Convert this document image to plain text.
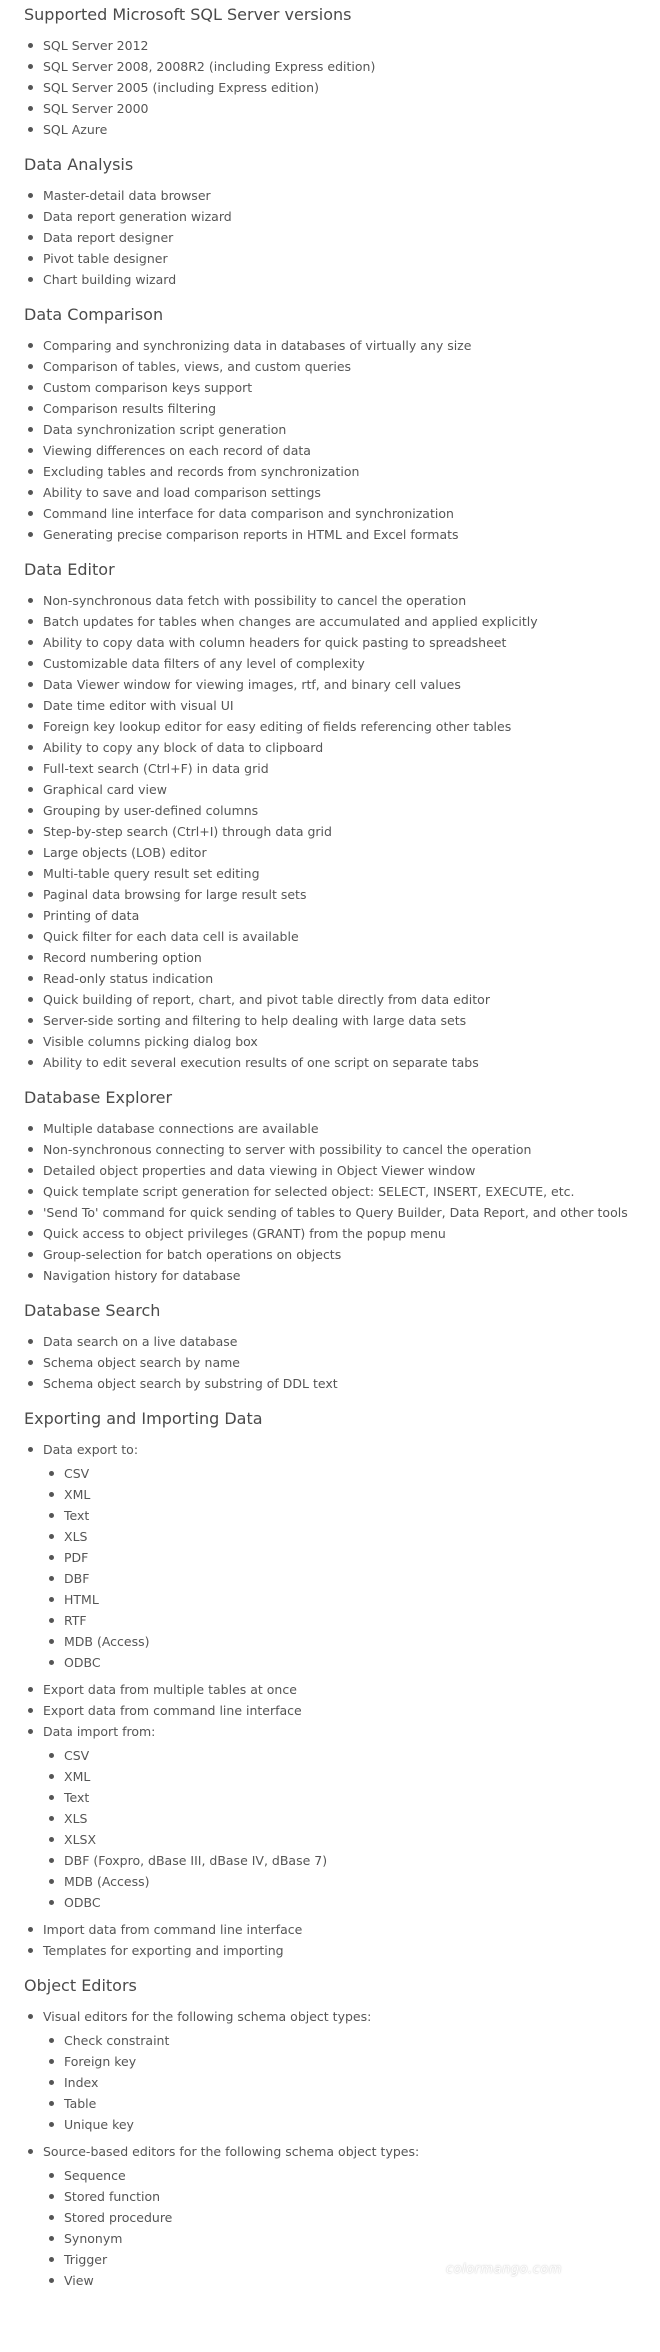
Supported Microsoft SQL Server versions
SQL Server 2012
SQL Server 2008, 2008R2 (including Express edition)
SQL Server 2005 (including Express edition)
SQL Server 2000
SQL Azure
Data Analysis
Master-detail data browser
Data report generation wizard
Data report designer
Pivot table designer
Chart building wizard
Data Comparison
Comparing and synchronizing data in databases of virtually any size
Comparison of tables, views, and custom queries
Custom comparison keys support
Comparison results filtering
Data synchronization script generation
Viewing differences on each record of data
Excluding tables and records from synchronization
Ability to save and load comparison settings
Command line interface for data comparison and synchronization
Generating precise comparison reports in HTML and Excel formats
Data Editor
Non-synchronous data fetch with possibility to cancel the operation
Batch updates for tables when changes are accumulated and applied explicitly
Ability to copy data with column headers for quick pasting to spreadsheet
Customizable data filters of any level of complexity
Data Viewer window for viewing images, rtf, and binary cell values
Date time editor with visual UI
Foreign key lookup editor for easy editing of fields referencing other tables
Ability to copy any block of data to clipboard
Full-text search (Ctrl+F) in data grid
Graphical card view
Grouping by user-defined columns
Step-by-step search (Ctrl+I) through data grid
Large objects (LOB) editor
Multi-table query result set editing
Paginal data browsing for large result sets
Printing of data
Quick filter for each data cell is available
Record numbering option
Read-only status indication
Quick building of report, chart, and pivot table directly from data editor
Server-side sorting and filtering to help dealing with large data sets
Visible columns picking dialog box
Ability to edit several execution results of one script on separate tabs
Database Explorer
Multiple database connections are available
Non-synchronous connecting to server with possibility to cancel the operation
Detailed object properties and data viewing in Object Viewer window
Quick template script generation for selected object: SELECT, INSERT, EXECUTE, etc.
'Send To' command for quick sending of tables to Query Builder, Data Report, and other tools
Quick access to object privileges (GRANT) from the popup menu
Group-selection for batch operations on objects
Navigation history for database
Database Search
Data search on a live database
Schema object search by name
Schema object search by substring of DDL text
Exporting and Importing Data
Data export to:
CSV
XML
Text
XLS
PDF
DBF
HTML
RTF
MDB (Access)
ODBC
Export data from multiple tables at once
Export data from command line interface
Data import from:
CSV
XML
Text
XLS
XLSX
DBF (Foxpro, dBase III, dBase IV, dBase 7)
MDB (Access)
ODBC
Import data from command line interface
Templates for exporting and importing
Object Editors
Visual editors for the following schema object types:
Check constraint
Foreign key
Index
Table
Unique key
Source-based editors for the following schema object types:
Sequence
Stored function
Stored procedure
Synonym
Trigger
View
colormango.com
